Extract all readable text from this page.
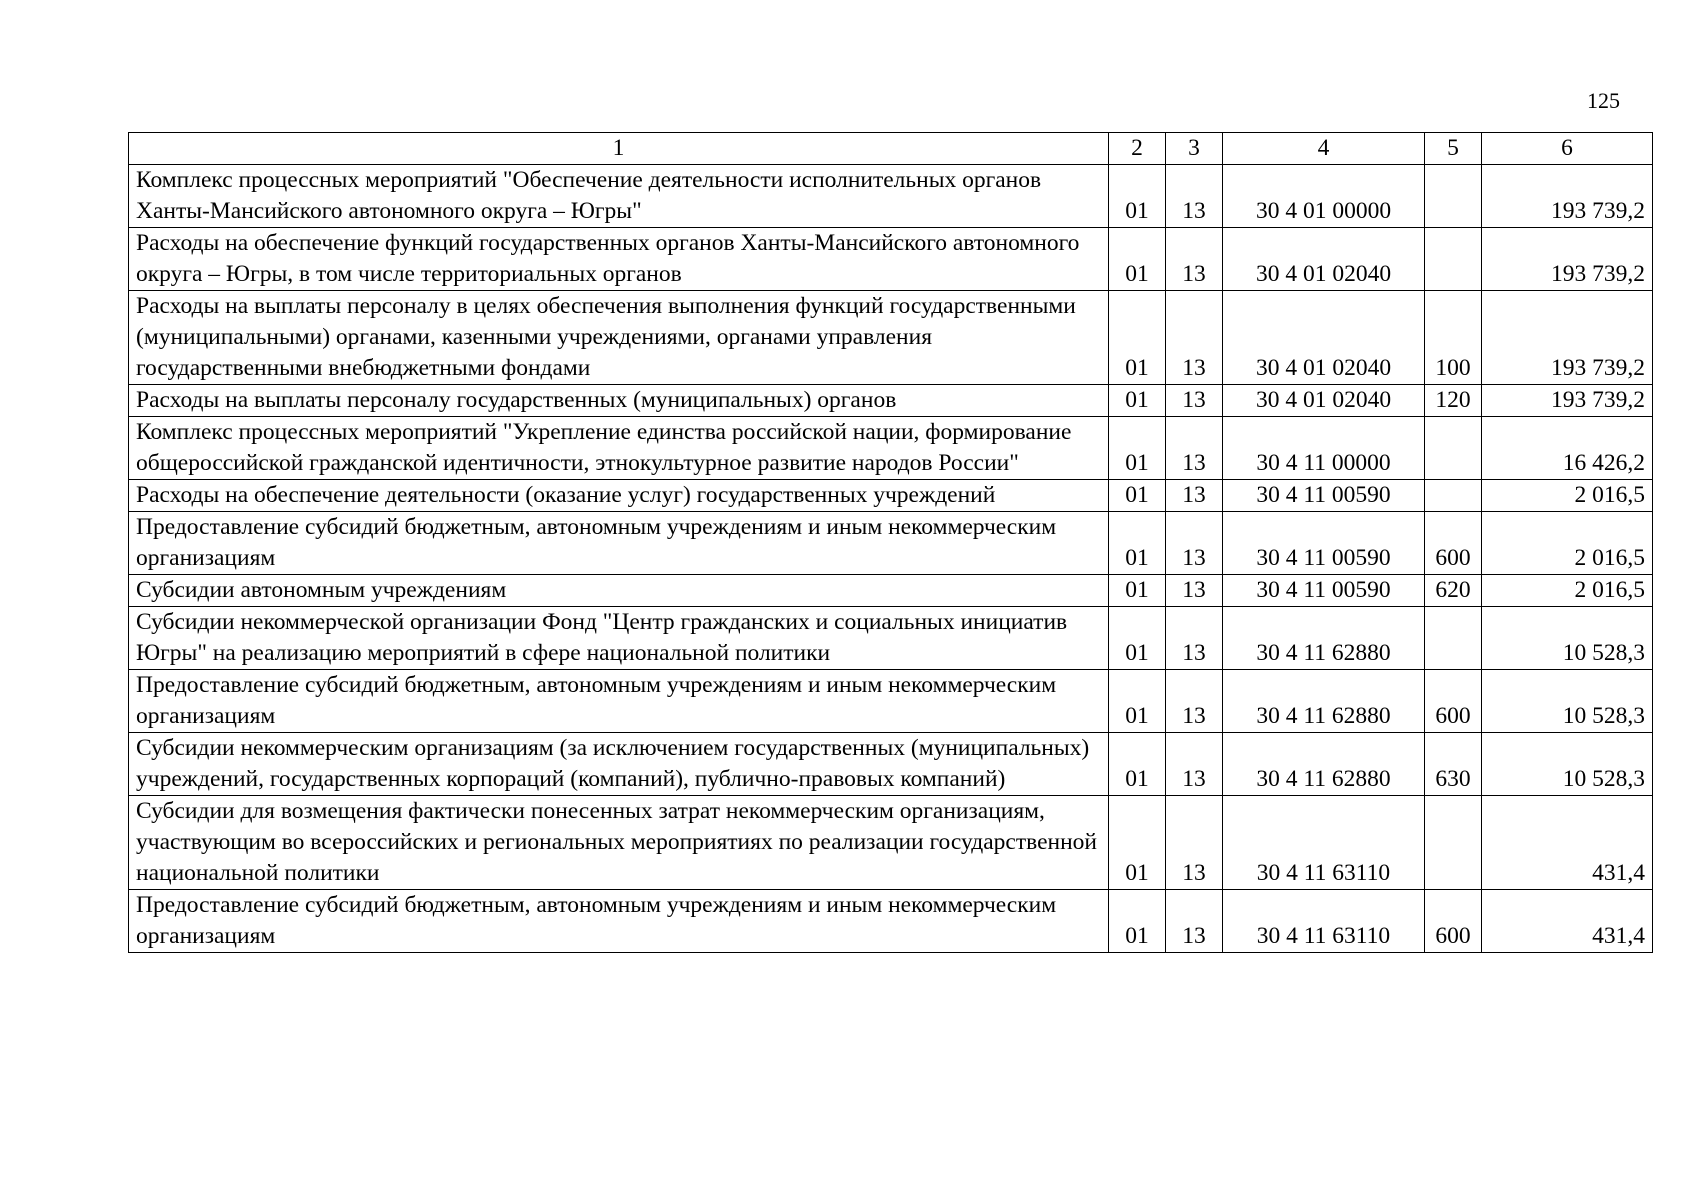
125
1	2	3	4	5	6
Комплекс процессных мероприятий "Обеспечение деятельности исполнительных органов Ханты-Мансийского автономного округа – Югры"	01	13	30 4 01 00000		193 739,2
Расходы на обеспечение функций государственных органов Ханты-Мансийского автономного округа – Югры, в том числе территориальных органов	01	13	30 4 01 02040		193 739,2
Расходы на выплаты персоналу в целях обеспечения выполнения функций государственными (муниципальными) органами, казенными учреждениями, органами управления государственными внебюджетными фондами	01	13	30 4 01 02040	100	193 739,2
Расходы на выплаты персоналу государственных (муниципальных) органов	01	13	30 4 01 02040	120	193 739,2
Комплекс процессных мероприятий "Укрепление единства российской нации, формирование общероссийской гражданской идентичности, этнокультурное развитие народов России"	01	13	30 4 11 00000		16 426,2
Расходы на обеспечение деятельности (оказание услуг) государственных учреждений	01	13	30 4 11 00590		2 016,5
Предоставление субсидий бюджетным, автономным учреждениям и иным некоммерческим организациям	01	13	30 4 11 00590	600	2 016,5
Субсидии автономным учреждениям	01	13	30 4 11 00590	620	2 016,5
Субсидии некоммерческой организации Фонд "Центр гражданских и социальных инициатив Югры" на реализацию мероприятий в сфере национальной политики	01	13	30 4 11 62880		10 528,3
Предоставление субсидий бюджетным, автономным учреждениям и иным некоммерческим организациям	01	13	30 4 11 62880	600	10 528,3
Субсидии некоммерческим организациям (за исключением государственных (муниципальных) учреждений, государственных корпораций (компаний), публично-правовых компаний)	01	13	30 4 11 62880	630	10 528,3
Субсидии для возмещения фактически понесенных затрат некоммерческим организациям, участвующим во всероссийских и региональных мероприятиях по реализации государственной национальной политики	01	13	30 4 11 63110		431,4
Предоставление субсидий бюджетным, автономным учреждениям и иным некоммерческим организациям	01	13	30 4 11 63110	600	431,4
